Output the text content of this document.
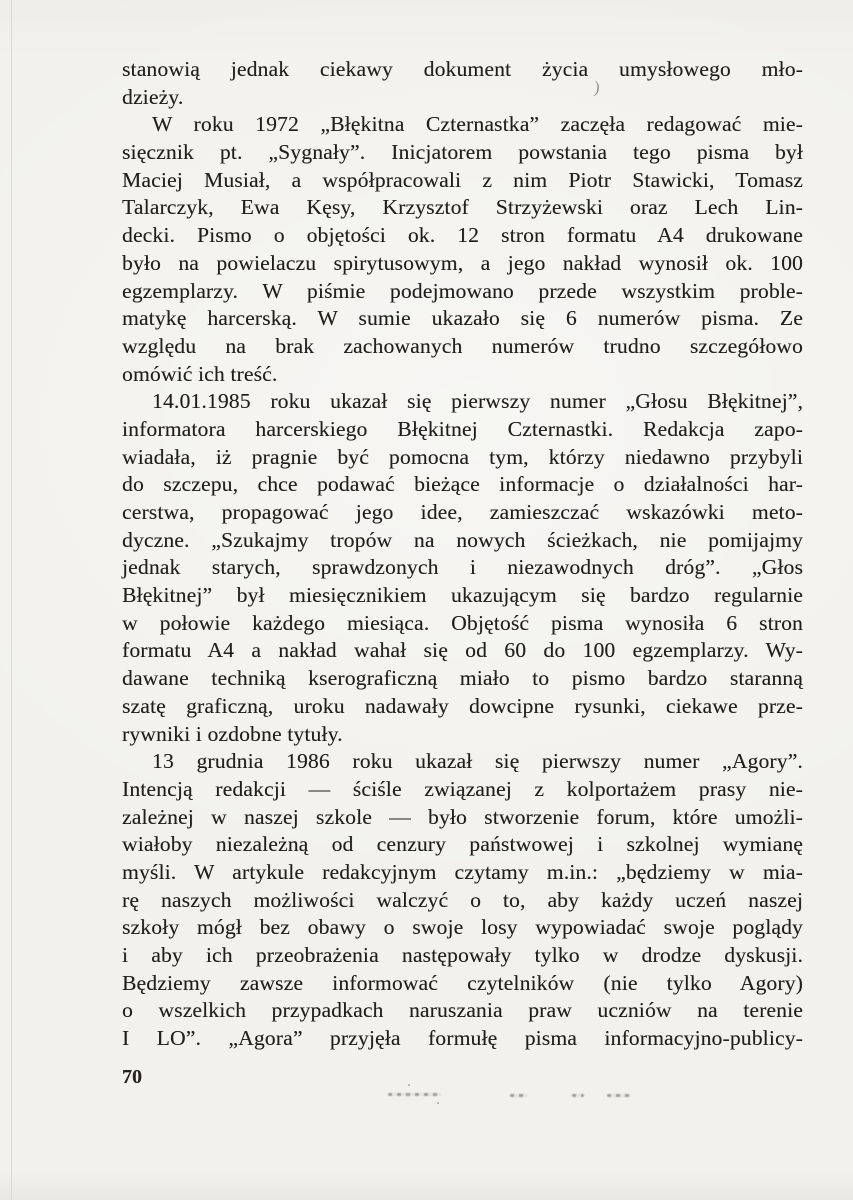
stanowią jednak ciekawy dokument życia umysłowego mło-
dzieży.
W roku 1972 „Błękitna Czternastka” zaczęła redagować mie-
sięcznik pt. „Sygnały”. Inicjatorem powstania tego pisma był
Maciej Musiał, a współpracowali z nim Piotr Stawicki, Tomasz
Talarczyk, Ewa Kęsy, Krzysztof Strzyżewski oraz Lech Lin-
decki. Pismo o objętości ok. 12 stron formatu A4 drukowane
było na powielaczu spirytusowym, a jego nakład wynosił ok. 100
egzemplarzy. W piśmie podejmowano przede wszystkim proble-
matykę harcerską. W sumie ukazało się 6 numerów pisma. Ze
względu na brak zachowanych numerów trudno szczegółowo
omówić ich treść.
14.01.1985 roku ukazał się pierwszy numer „Głosu Błękitnej”,
informatora harcerskiego Błękitnej Czternastki. Redakcja zapo-
wiadała, iż pragnie być pomocna tym, którzy niedawno przybyli
do szczepu, chce podawać bieżące informacje o działalności har-
cerstwa, propagować jego idee, zamieszczać wskazówki meto-
dyczne. „Szukajmy tropów na nowych ścieżkach, nie pomijajmy
jednak starych, sprawdzonych i niezawodnych dróg”. „Głos
Błękitnej” był miesięcznikiem ukazującym się bardzo regularnie
w połowie każdego miesiąca. Objętość pisma wynosiła 6 stron
formatu A4 a nakład wahał się od 60 do 100 egzemplarzy. Wy-
dawane techniką kserograficzną miało to pismo bardzo staranną
szatę graficzną, uroku nadawały dowcipne rysunki, ciekawe prze-
rywniki i ozdobne tytuły.
13 grudnia 1986 roku ukazał się pierwszy numer „Agory”.
Intencją redakcji — ściśle związanej z kolportażem prasy nie-
zależnej w naszej szkole — było stworzenie forum, które umożli-
wiałoby niezależną od cenzury państwowej i szkolnej wymianę
myśli. W artykule redakcyjnym czytamy m.in.: „będziemy w mia-
rę naszych możliwości walczyć o to, aby każdy uczeń naszej
szkoły mógł bez obawy o swoje losy wypowiadać swoje poglądy
i aby ich przeobrażenia następowały tylko w drodze dyskusji.
Będziemy zawsze informować czytelników (nie tylko Agory)
o wszelkich przypadkach naruszania praw uczniów na terenie
I LO”. „Agora” przyjęła formułę pisma informacyjno-publicy-
)
70
